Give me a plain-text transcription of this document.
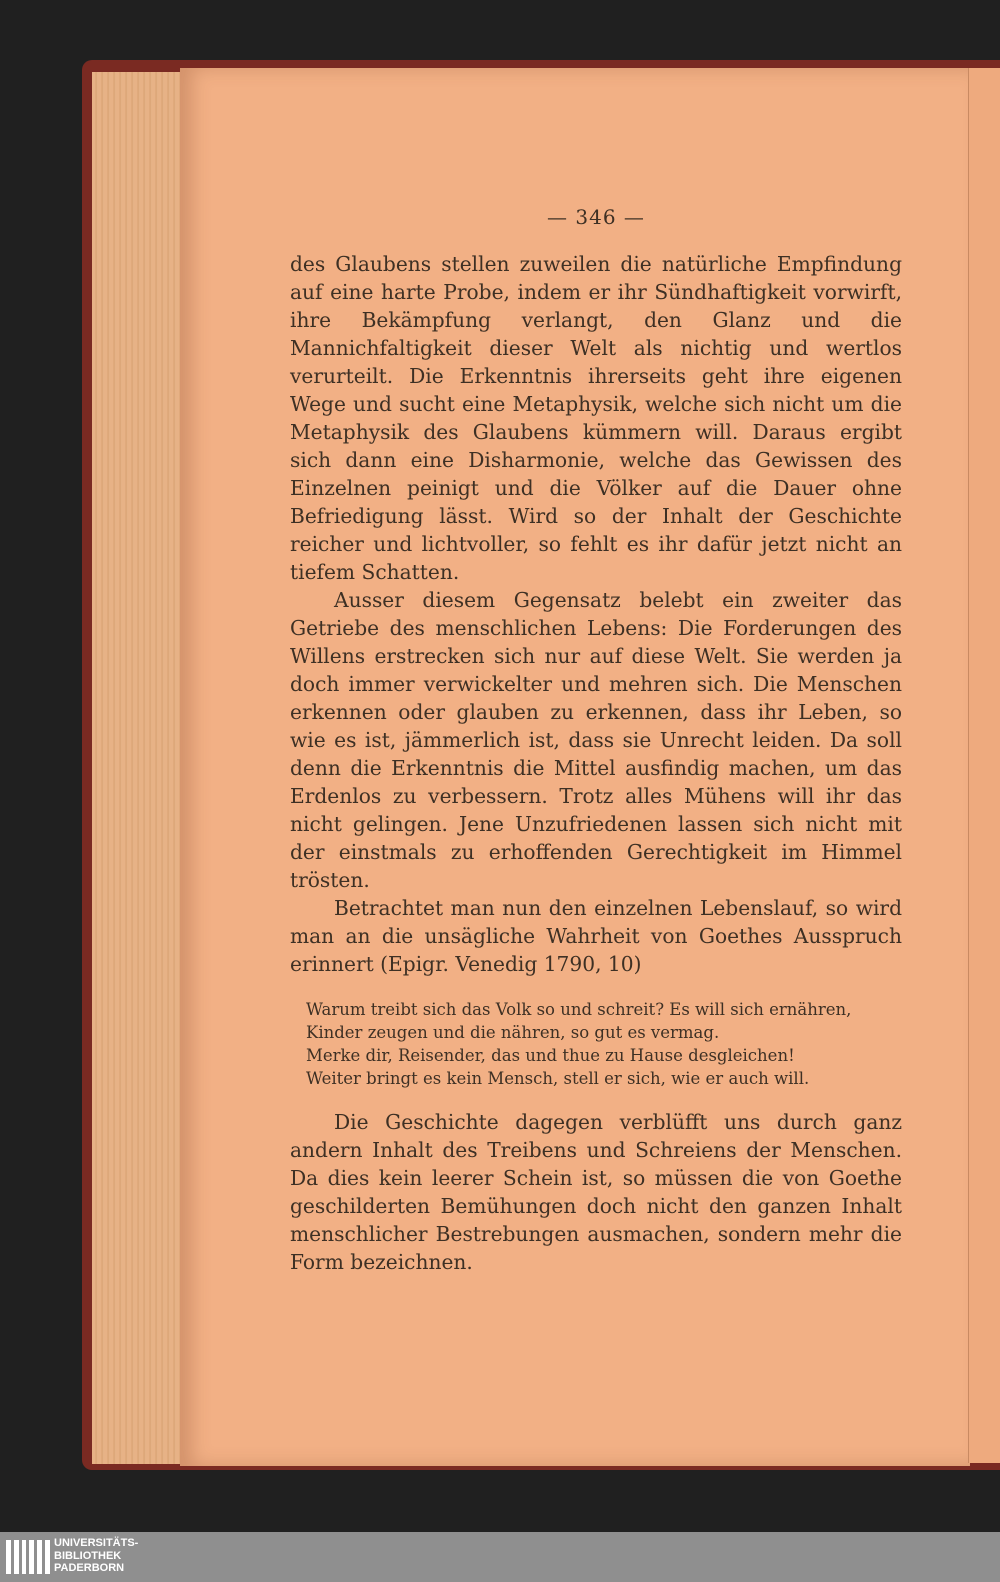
— 346 —

des Glaubens stellen zuweilen die natürliche Empfindung auf eine harte Probe, indem er ihr Sündhaftigkeit vorwirft, ihre Bekämpfung verlangt, den Glanz und die Mannichfaltigkeit dieser Welt als nichtig und wertlos verurteilt. Die Erkenntnis ihrerseits geht ihre eigenen Wege und sucht eine Metaphysik, welche sich nicht um die Metaphysik des Glaubens kümmern will. Daraus ergibt sich dann eine Disharmonie, welche das Gewissen des Einzelnen peinigt und die Völker auf die Dauer ohne Befriedigung lässt. Wird so der Inhalt der Geschichte reicher und lichtvoller, so fehlt es ihr dafür jetzt nicht an tiefem Schatten.

Ausser diesem Gegensatz belebt ein zweiter das Getriebe des menschlichen Lebens: Die Forderungen des Willens erstrecken sich nur auf diese Welt. Sie werden ja doch immer verwickelter und mehren sich. Die Menschen erkennen oder glauben zu erkennen, dass ihr Leben, so wie es ist, jämmerlich ist, dass sie Unrecht leiden. Da soll denn die Erkenntnis die Mittel ausfindig machen, um das Erdenlos zu verbessern. Trotz alles Mühens will ihr das nicht gelingen. Jene Unzufriedenen lassen sich nicht mit der einstmals zu erhoffenden Gerechtigkeit im Himmel trösten.

Betrachtet man nun den einzelnen Lebenslauf, so wird man an die unsägliche Wahrheit von Goethes Ausspruch erinnert (Epigr. Venedig 1790, 10)

Warum treibt sich das Volk so und schreit? Es will sich ernähren,
Kinder zeugen und die nähren, so gut es vermag.
Merke dir, Reisender, das und thue zu Hause desgleichen!
Weiter bringt es kein Mensch, stell er sich, wie er auch will.

Die Geschichte dagegen verblüfft uns durch ganz andern Inhalt des Treibens und Schreiens der Menschen. Da dies kein leerer Schein ist, so müssen die von Goethe geschilderten Bemühungen doch nicht den ganzen Inhalt menschlicher Bestrebungen ausmachen, sondern mehr die Form bezeichnen.

UNIVERSITÄTS-
BIBLIOTHEK
PADERBORN
